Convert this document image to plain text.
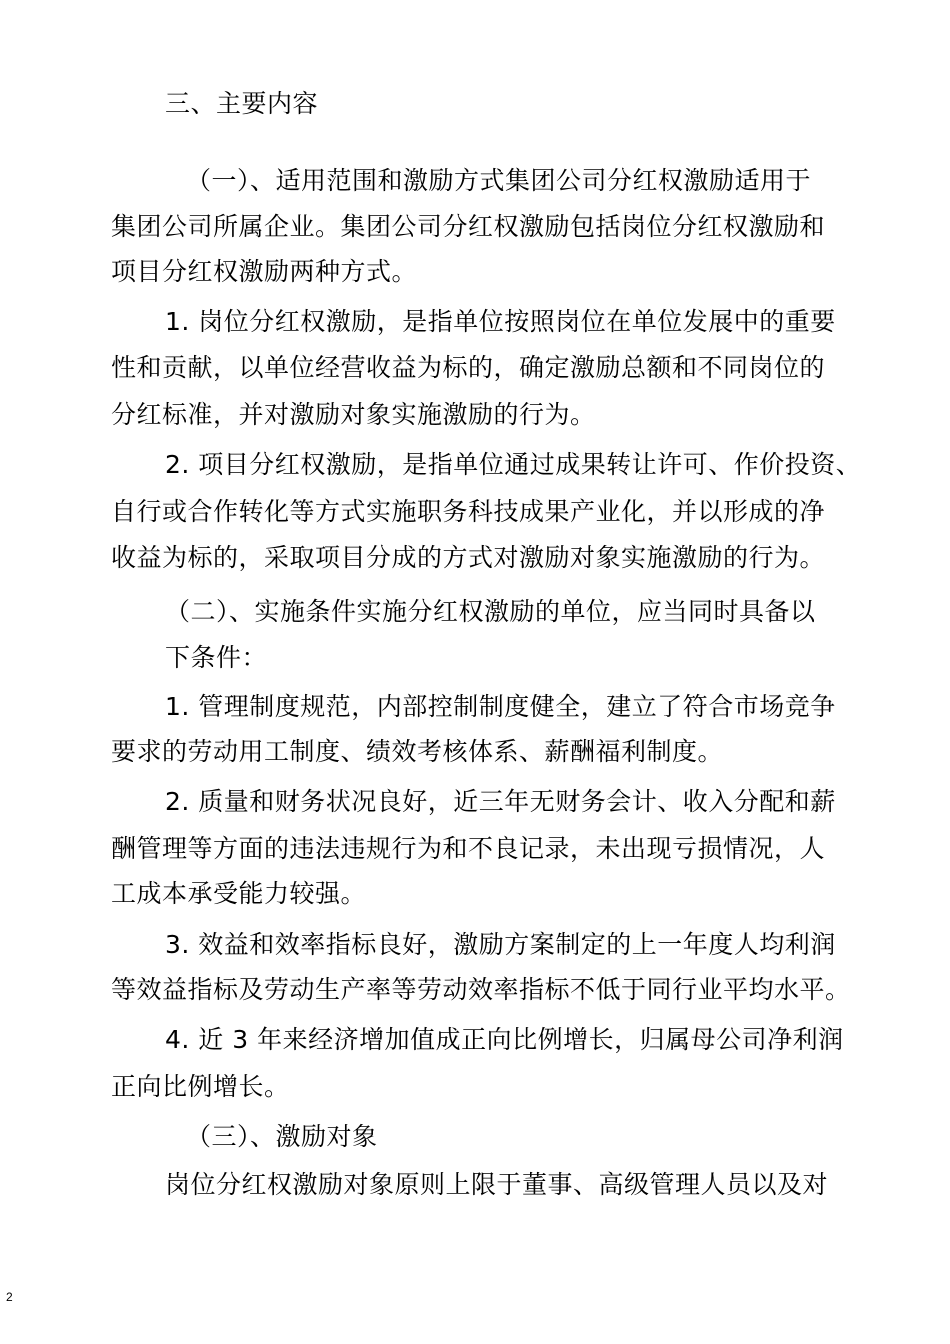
三、主要内容
（一）、适用范围和激励方式集团公司分红权激励适用于
集团公司所属企业。集团公司分红权激励包括岗位分红权激励和
项目分红权激励两种方式。
1. 岗位分红权激励，是指单位按照岗位在单位发展中的重要
性和贡献，以单位经营收益为标的，确定激励总额和不同岗位的
分红标准，并对激励对象实施激励的行为。
2. 项目分红权激励，是指单位通过成果转让许可、作价投资、
自行或合作转化等方式实施职务科技成果产业化，并以形成的净
收益为标的，采取项目分成的方式对激励对象实施激励的行为。
（二）、实施条件实施分红权激励的单位，应当同时具备以
下条件：
1. 管理制度规范，内部控制制度健全，建立了符合市场竞争
要求的劳动用工制度、绩效考核体系、薪酬福利制度。
2. 质量和财务状况良好，近三年无财务会计、收入分配和薪
酬管理等方面的违法违规行为和不良记录，未出现亏损情况，人
工成本承受能力较强。
3. 效益和效率指标良好，激励方案制定的上一年度人均利润
等效益指标及劳动生产率等劳动效率指标不低于同行业平均水平。
4. 近 3 年来经济增加值成正向比例增长，归属母公司净利润
正向比例增长。
（三）、激励对象
岗位分红权激励对象原则上限于董事、高级管理人员以及对
2
